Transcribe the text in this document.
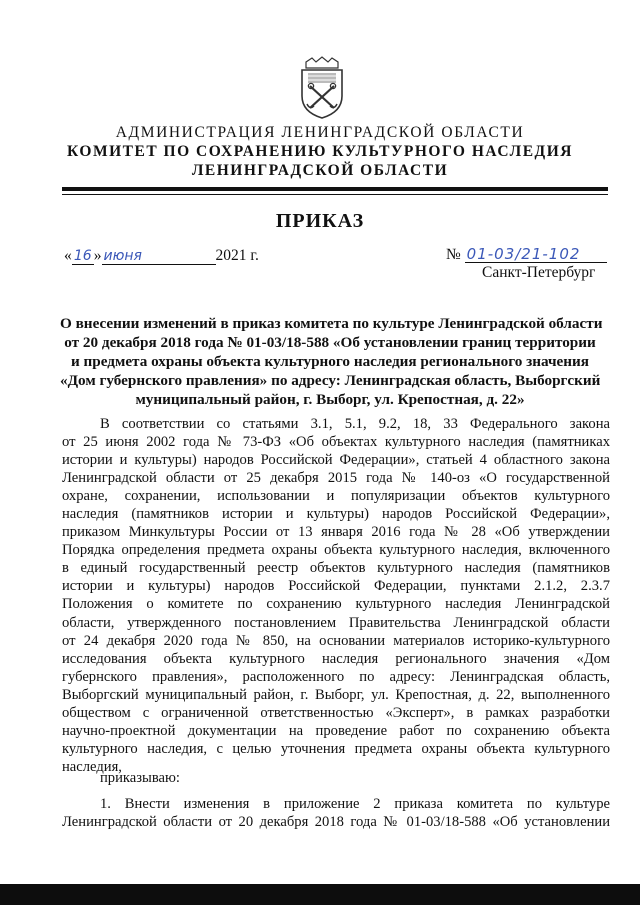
АДМИНИСТРАЦИЯ ЛЕНИНГРАДСКОЙ ОБЛАСТИ
КОМИТЕТ ПО СОХРАНЕНИЮ КУЛЬТУРНОГО НАСЛЕДИЯ
ЛЕНИНГРАДСКОЙ ОБЛАСТИ
ПРИКАЗ
« 16 » июня	2021 г.	№ 01-03/21-102
Санкт-Петербург
О внесении изменений в приказ комитета по культуре Ленинградской области
от 20 декабря 2018 года № 01-03/18-588 «Об установлении границ территории
и предмета охраны объекта культурного наследия регионального значения
«Дом губернского правления» по адресу: Ленинградская область, Выборгский
муниципальный район, г. Выборг, ул. Крепостная, д. 22»
В соответствии со статьями 3.1, 5.1, 9.2, 18, 33 Федерального закона
от 25 июня 2002 года № 73-ФЗ «Об объектах культурного наследия (памятниках
истории и культуры) народов Российской Федерации», статьей 4 областного закона
Ленинградской области от 25 декабря 2015 года № 140-оз «О государственной
охране, сохранении, использовании и популяризации объектов культурного
наследия (памятников истории и культуры) народов Российской Федерации»,
приказом Минкультуры России от 13 января 2016 года № 28 «Об утверждении
Порядка определения предмета охраны объекта культурного наследия, включенного
в единый государственный реестр объектов культурного наследия (памятников
истории и культуры) народов Российской Федерации, пунктами 2.1.2, 2.3.7
Положения о комитете по сохранению культурного наследия Ленинградской
области, утвержденного постановлением Правительства Ленинградской области
от 24 декабря 2020 года № 850, на основании материалов историко-культурного
исследования объекта культурного наследия регионального значения «Дом
губернского правления», расположенного по адресу: Ленинградская область,
Выборгский муниципальный район, г. Выборг, ул. Крепостная, д. 22, выполненного
обществом с ограниченной ответственностью «Эксперт», в рамках разработки
научно-проектной документации на проведение работ по сохранению объекта
культурного наследия, с целью уточнения предмета охраны объекта культурного
наследия,
приказываю:
1. Внести изменения в приложение 2 приказа комитета по культуре
Ленинградской области от 20 декабря 2018 года № 01-03/18-588 «Об установлении
